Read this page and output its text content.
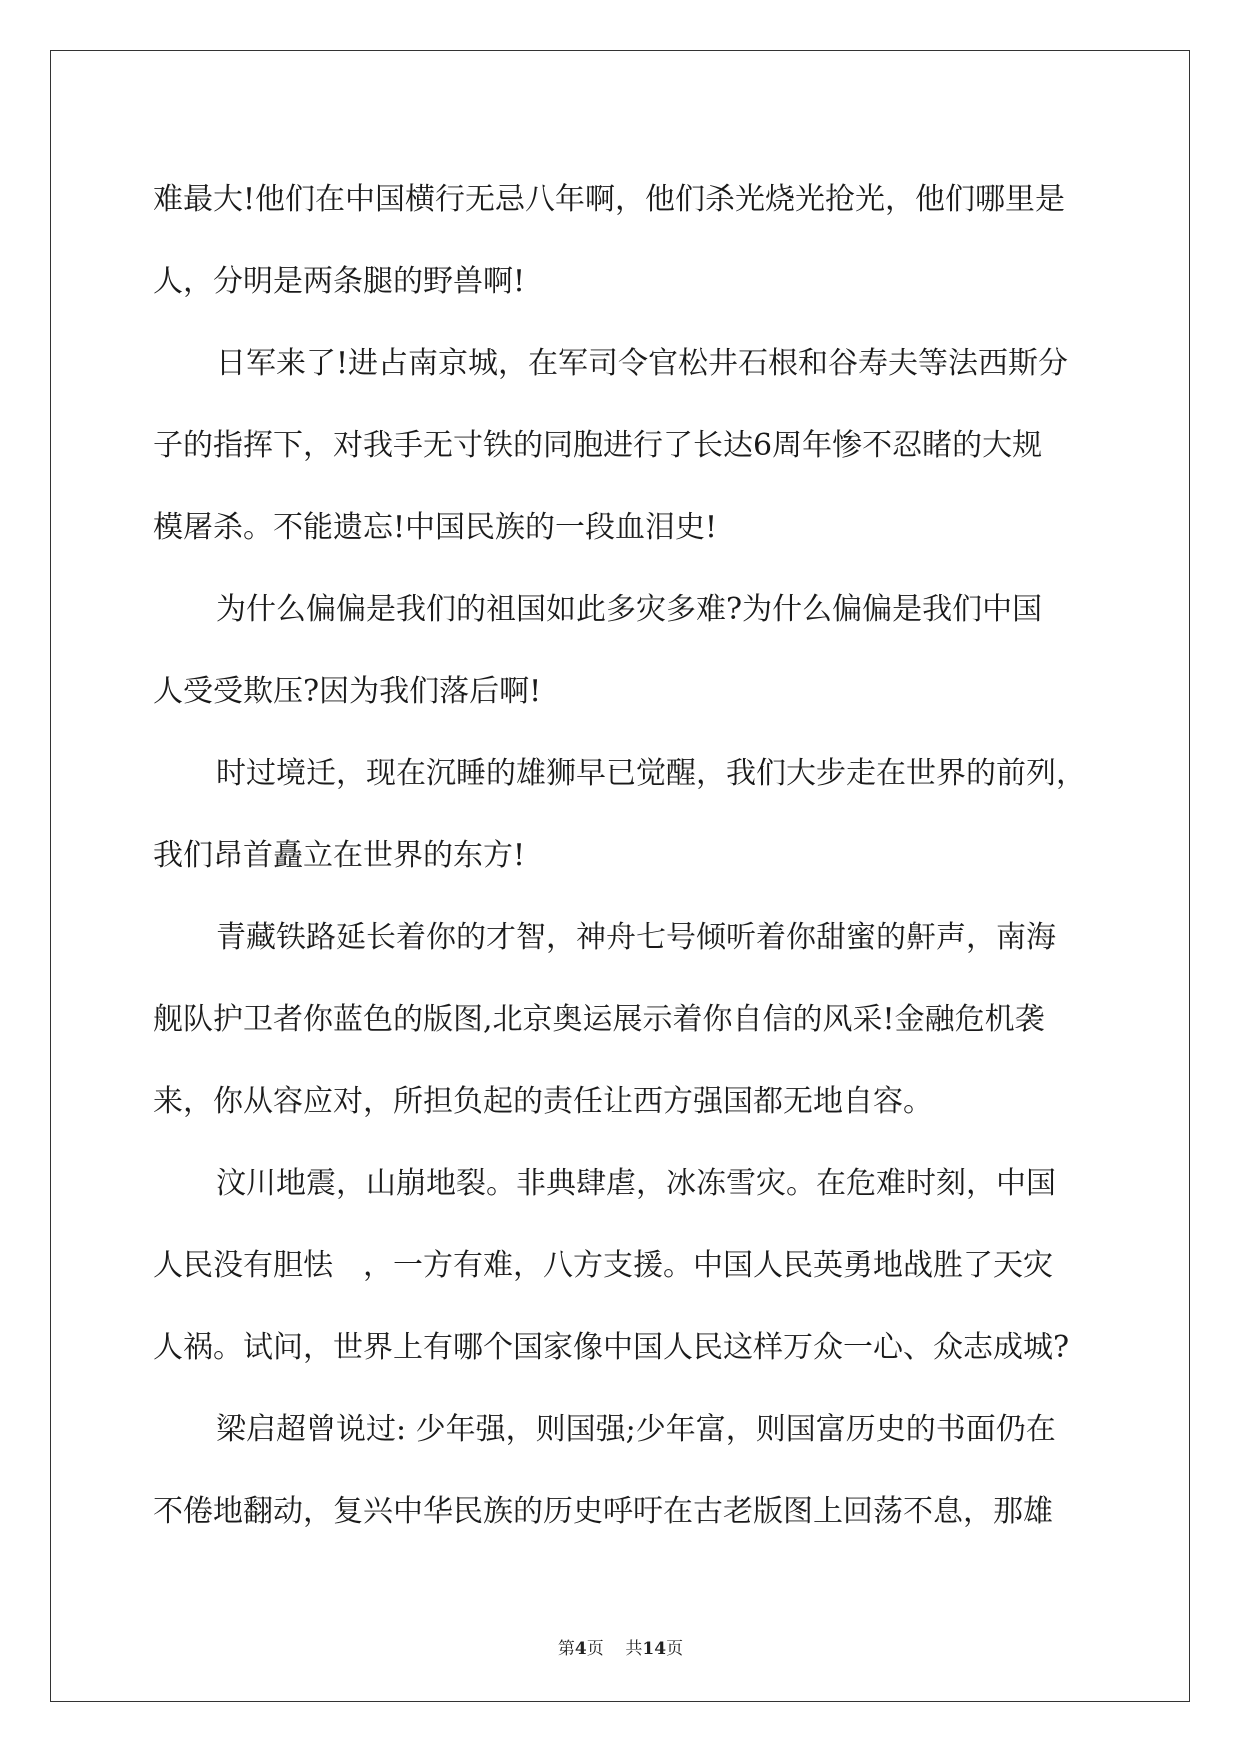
难最大!他们在中国横行无忌八年啊，他们杀光烧光抢光，他们哪里是
人，分明是两条腿的野兽啊!
日军来了!进占南京城，在军司令官松井石根和谷寿夫等法西斯分
子的指挥下，对我手无寸铁的同胞进行了长达6周年惨不忍睹的大规
模屠杀。不能遗忘!中国民族的一段血泪史!
为什么偏偏是我们的祖国如此多灾多难?为什么偏偏是我们中国
人受受欺压?因为我们落后啊!
时过境迁，现在沉睡的雄狮早已觉醒，我们大步走在世界的前列，
我们昂首矗立在世界的东方!
青藏铁路延长着你的才智，神舟七号倾听着你甜蜜的鼾声，南海
舰队护卫者你蓝色的版图,北京奥运展示着你自信的风采!金融危机袭
来，你从容应对，所担负起的责任让西方强国都无地自容。
汶川地震，山崩地裂。非典肆虐，冰冻雪灾。在危难时刻，中国
人民没有胆怯　，一方有难，八方支援。中国人民英勇地战胜了天灾
人祸。试问，世界上有哪个国家像中国人民这样万众一心、众志成城?
梁启超曾说过: 少年强，则国强;少年富，则国富历史的书面仍在
不倦地翻动，复兴中华民族的历史呼吁在古老版图上回荡不息，那雄
第4页 共14页
